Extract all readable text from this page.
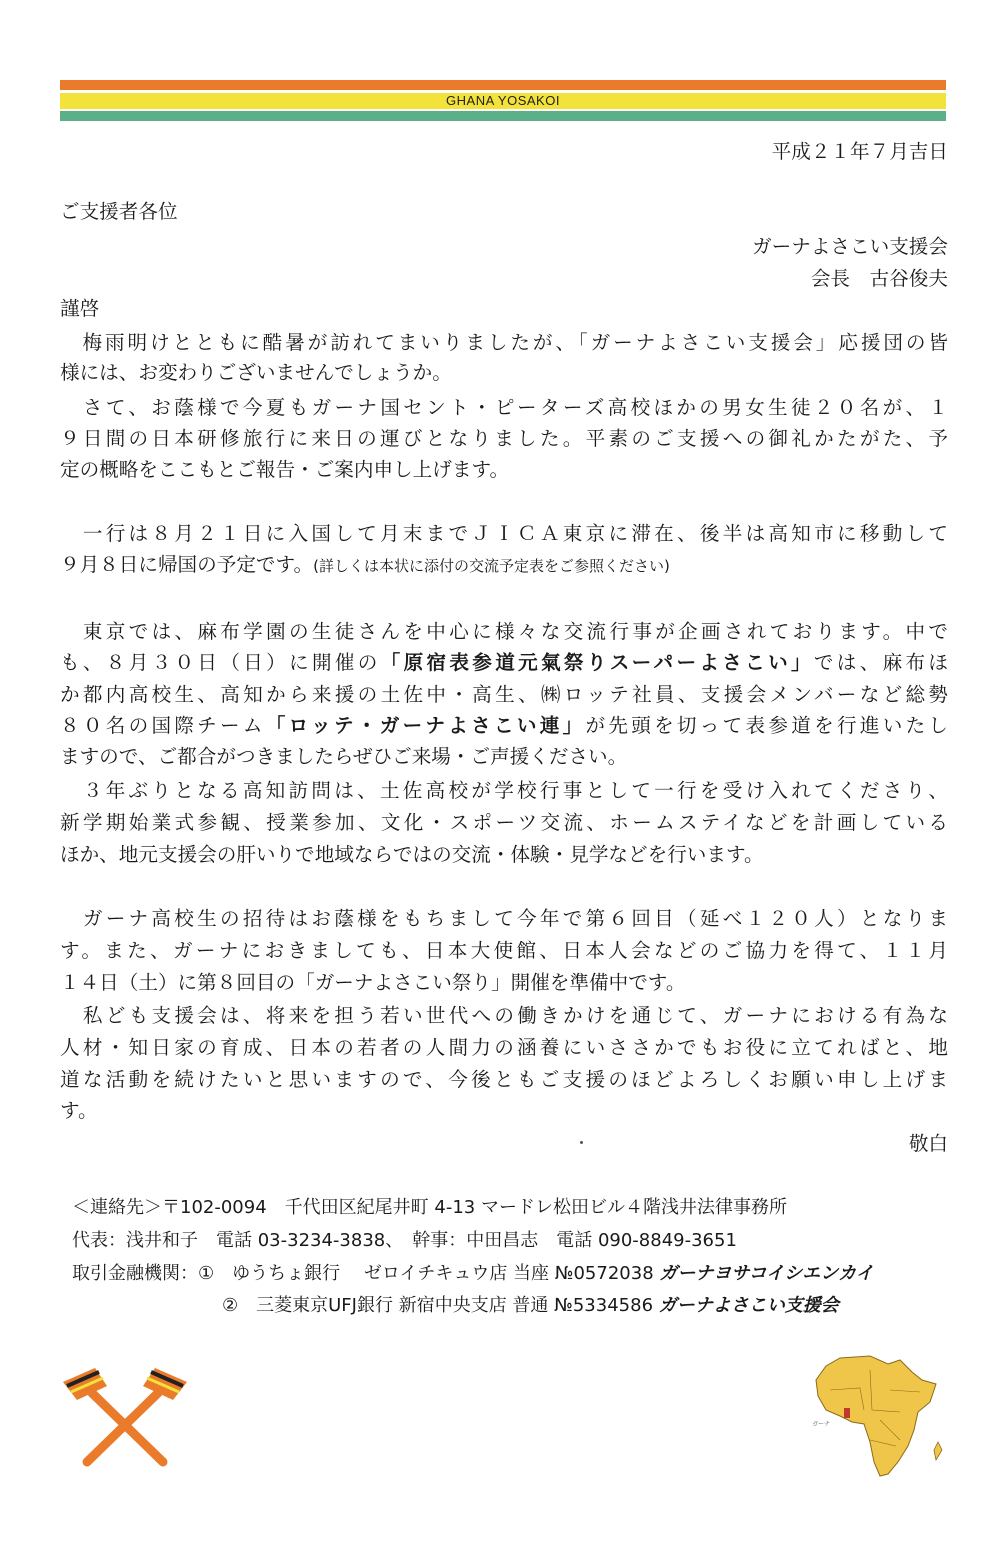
GHANA YOSAKOI
平成２１年７月吉日
ご支援者各位
ガーナよさこい支援会
会長　古谷俊夫
謹啓
　梅雨明けとともに酷暑が訪れてまいりましたが、「ガーナよさこい支援会」応援団の皆
様には、お変わりございませんでしょうか。
　さて、お蔭様で今夏もガーナ国セント・ピーターズ高校ほかの男女生徒２０名が、１
９日間の日本研修旅行に来日の運びとなりました。平素のご支援への御礼かたがた、予
定の概略をここもとご報告・ご案内申し上げます。
　一行は８月２１日に入国して月末までＪＩＣＡ東京に滞在、後半は高知市に移動して
９月８日に帰国の予定です。(詳しくは本状に添付の交流予定表をご参照ください)
　東京では、麻布学園の生徒さんを中心に様々な交流行事が企画されております。中で
も、８月３０日（日）に開催の「原宿表参道元氣祭りスーパーよさこい」では、麻布ほ
か都内高校生、高知から来援の土佐中・高生、㈱ロッテ社員、支援会メンバーなど総勢
８０名の国際チーム「ロッテ・ガーナよさこい連」が先頭を切って表参道を行進いたし
ますので、ご都合がつきましたらぜひご来場・ご声援ください。
　３年ぶりとなる高知訪問は、土佐高校が学校行事として一行を受け入れてくださり、
新学期始業式参観、授業参加、文化・スポーツ交流、ホームステイなどを計画している
ほか、地元支援会の肝いりで地域ならではの交流・体験・見学などを行います。
　ガーナ高校生の招待はお蔭様をもちまして今年で第６回目（延べ１２０人）となりま
す。また、ガーナにおきましても、日本大使館、日本人会などのご協力を得て、１１月
１４日（土）に第８回目の「ガーナよさこい祭り」開催を準備中です。
　私ども支援会は、将来を担う若い世代への働きかけを通じて、ガーナにおける有為な
人材・知日家の育成、日本の若者の人間力の涵養にいささかでもお役に立てればと、地
道な活動を続けたいと思いますので、今後ともご支援のほどよろしくお願い申し上げま
す。
敬白
＜連絡先＞〒102-0094　千代田区紀尾井町 4-13 マードレ松田ビル４階浅井法律事務所
代表：浅井和子　電話 03-3234-3838、　幹事：中田昌志　電話 090-8849-3651
取引金融機関：①　ゆうちょ銀行　 ゼロイチキュウ店 当座 №0572038 ガーナヨサコイシエンカイ
②　三菱東京UFJ銀行 新宿中央支店 普通 №5334586 ガーナよさこい支援会
ガーナ
